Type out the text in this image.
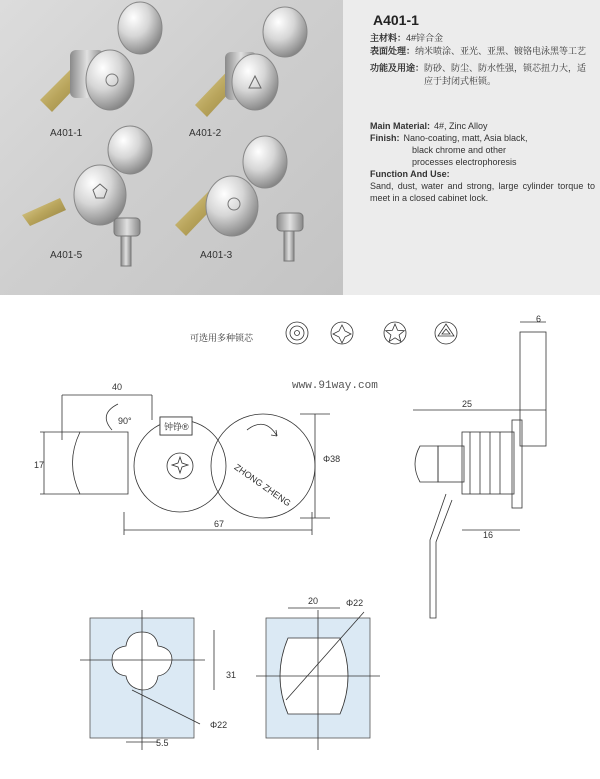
A401-1	A401-2
A401-5	A401-3
A401-1
主材料： 4#锌合金
表面处理： 纳米喷涂、亚光、亚黑、镀铬电泳黑等工艺
功能及用途： 防砂、防尘、防水性强，锁芯扭力大，适应于封闭式柜锁。
Main Material: 4#, Zinc Alloy
Finish: Nano-coating, matt, Asia black,
black chrome and other
processes electrophoresis
Function And Use:
Sand, dust, water and strong, large cylinder torque to meet in a closed cabinet lock.
可选用多种锁芯
www.91way.com
40
90°
17
67
Φ38
6
25
16
31
Φ22
5.5
20	Φ22
钟铮®
ZHONG ZHENG
